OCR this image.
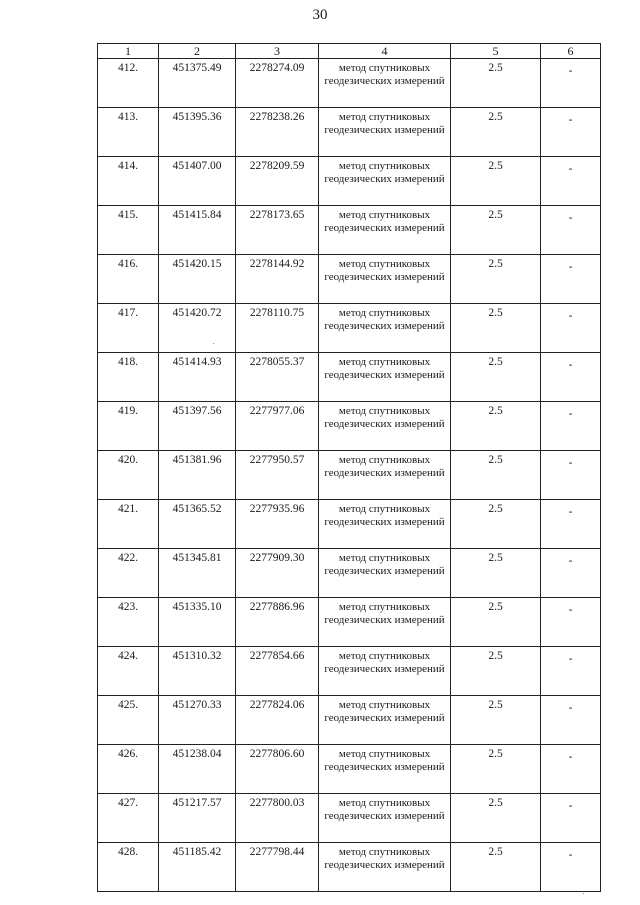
30
1	2	3	4	5	6
412.	451375.49	2278274.09	метод спутниковых геодезических измерений	2.5	-
413.	451395.36	2278238.26	метод спутниковых геодезических измерений	2.5	-
414.	451407.00	2278209.59	метод спутниковых геодезических измерений	2.5	-
415.	451415.84	2278173.65	метод спутниковых геодезических измерений	2.5	-
416.	451420.15	2278144.92	метод спутниковых геодезических измерений	2.5	-
417.	451420.72	2278110.75	метод спутниковых геодезических измерений	2.5	-
418.	451414.93	2278055.37	метод спутниковых геодезических измерений	2.5	-
419.	451397.56	2277977.06	метод спутниковых геодезических измерений	2.5	-
420.	451381.96	2277950.57	метод спутниковых геодезических измерений	2.5	-
421.	451365.52	2277935.96	метод спутниковых геодезических измерений	2.5	-
422.	451345.81	2277909.30	метод спутниковых геодезических измерений	2.5	-
423.	451335.10	2277886.96	метод спутниковых геодезических измерений	2.5	-
424.	451310.32	2277854.66	метод спутниковых геодезических измерений	2.5	-
425.	451270.33	2277824.06	метод спутниковых геодезических измерений	2.5	-
426.	451238.04	2277806.60	метод спутниковых геодезических измерений	2.5	-
427.	451217.57	2277800.03	метод спутниковых геодезических измерений	2.5	-
428.	451185.42	2277798.44	метод спутниковых геодезических измерений	2.5	-
